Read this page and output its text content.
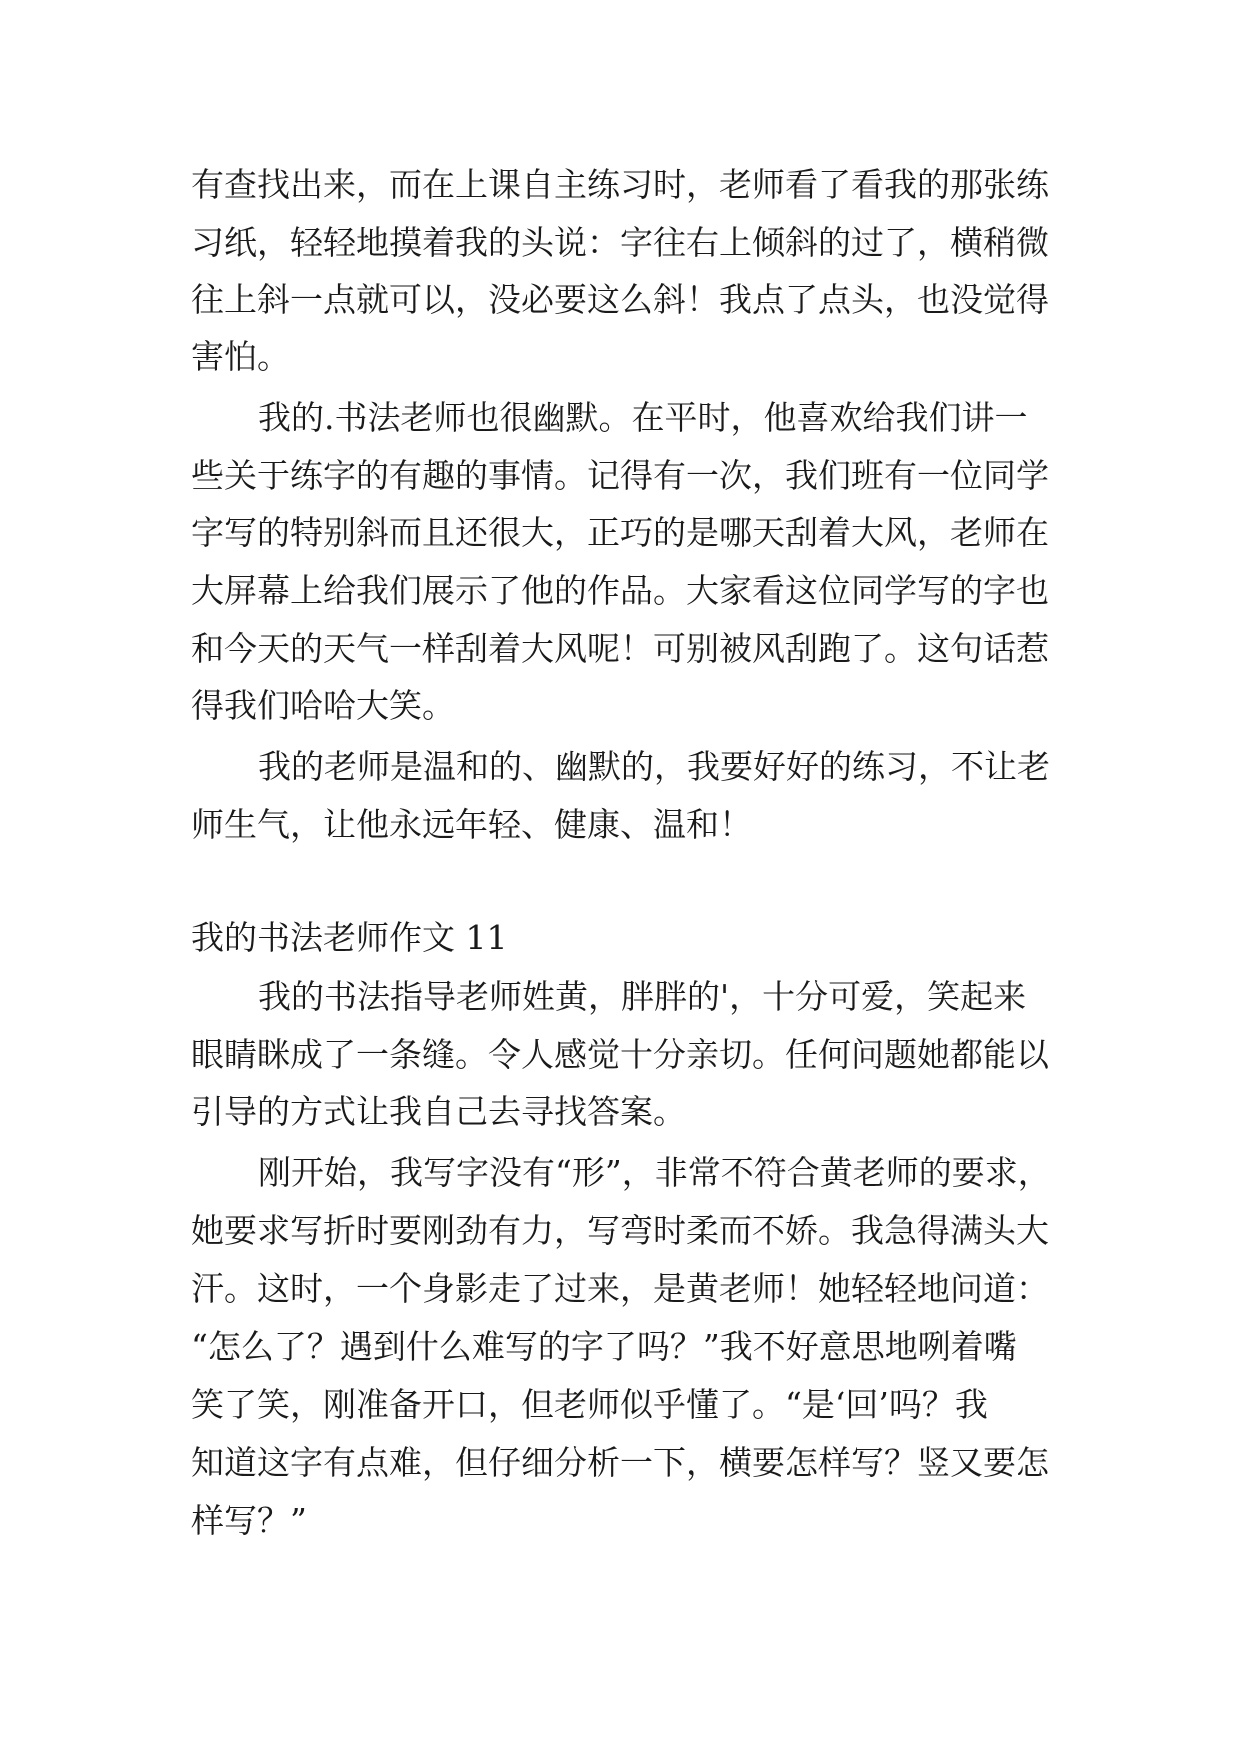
有查找出来，而在上课自主练习时，老师看了看我的那张练
习纸，轻轻地摸着我的头说：字往右上倾斜的过了，横稍微
往上斜一点就可以，没必要这么斜！我点了点头，也没觉得
害怕。
我的.书法老师也很幽默。在平时，他喜欢给我们讲一
些关于练字的有趣的事情。记得有一次，我们班有一位同学
字写的特别斜而且还很大，正巧的是哪天刮着大风，老师在
大屏幕上给我们展示了他的作品。大家看这位同学写的字也
和今天的天气一样刮着大风呢！可别被风刮跑了。这句话惹
得我们哈哈大笑。
我的老师是温和的、幽默的，我要好好的练习，不让老
师生气，让他永远年轻、健康、温和！
我的书法老师作文 11
我的书法指导老师姓黄，胖胖的'，十分可爱，笑起来
眼睛眯成了一条缝。令人感觉十分亲切。任何问题她都能以
引导的方式让我自己去寻找答案。
刚开始，我写字没有“形”，非常不符合黄老师的要求，
她要求写折时要刚劲有力，写弯时柔而不娇。我急得满头大
汗。这时，一个身影走了过来，是黄老师！她轻轻地问道：
“怎么了？遇到什么难写的字了吗？”我不好意思地咧着嘴
笑了笑，刚准备开口，但老师似乎懂了。“是‘回’吗？我
知道这字有点难，但仔细分析一下，横要怎样写？竖又要怎
样写？”
